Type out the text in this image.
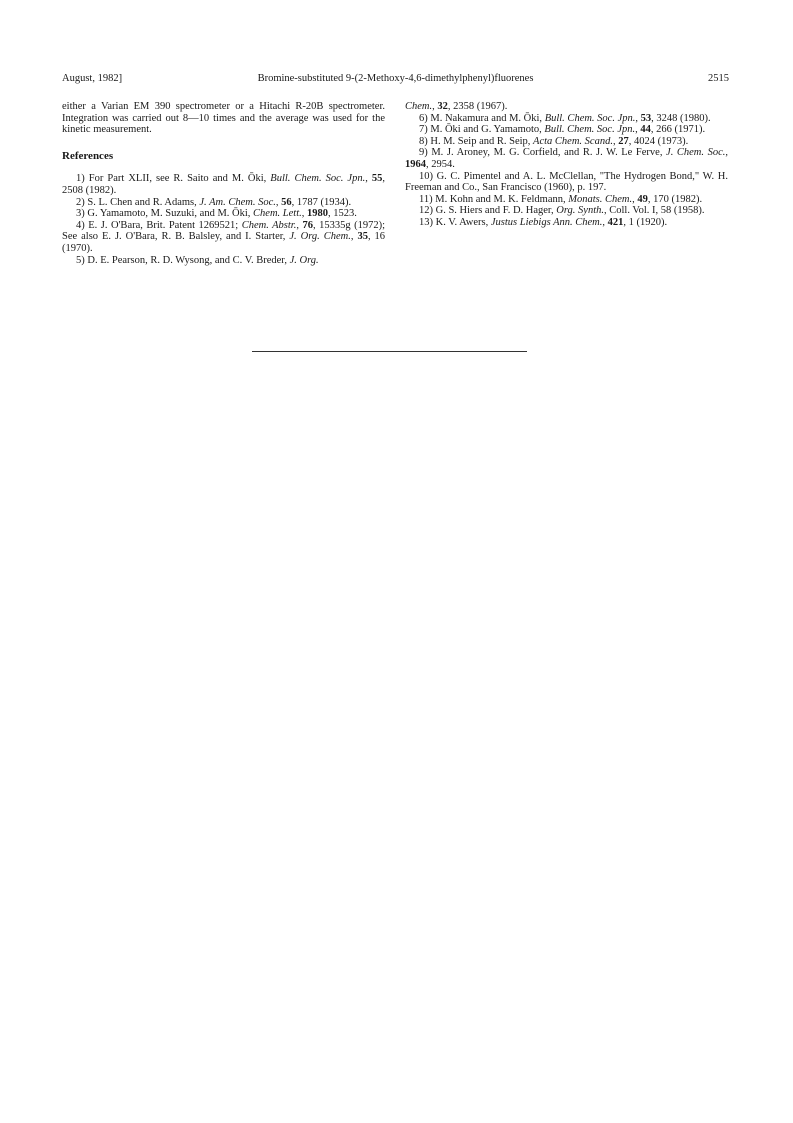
August, 1982]	Bromine-substituted 9-(2-Methoxy-4,6-dimethylphenyl)fluorenes	2515

either a Varian EM 390 spectrometer or a Hitachi R-20B spectrometer. Integration was carried out 8—10 times and the average was used for the kinetic measurement.

References

1) For Part XLII, see R. Saito and M. Ōki, Bull. Chem. Soc. Jpn., 55, 2508 (1982).

2) S. L. Chen and R. Adams, J. Am. Chem. Soc., 56, 1787 (1934).

3) G. Yamamoto, M. Suzuki, and M. Ōki, Chem. Lett., 1980, 1523.

4) E. J. O'Bara, Brit. Patent 1269521; Chem. Abstr., 76, 15335g (1972); See also E. J. O'Bara, R. B. Balsley, and I. Starter, J. Org. Chem., 35, 16 (1970).

5) D. E. Pearson, R. D. Wysong, and C. V. Breder, J. Org.

Chem., 32, 2358 (1967).

6) M. Nakamura and M. Ōki, Bull. Chem. Soc. Jpn., 53, 3248 (1980).

7) M. Ōki and G. Yamamoto, Bull. Chem. Soc. Jpn., 44, 266 (1971).

8) H. M. Seip and R. Seip, Acta Chem. Scand., 27, 4024 (1973).

9) M. J. Aroney, M. G. Corfield, and R. J. W. Le Ferve, J. Chem. Soc., 1964, 2954.

10) G. C. Pimentel and A. L. McClellan, "The Hydrogen Bond," W. H. Freeman and Co., San Francisco (1960), p. 197.

11) M. Kohn and M. K. Feldmann, Monats. Chem., 49, 170 (1982).

12) G. S. Hiers and F. D. Hager, Org. Synth., Coll. Vol. I, 58 (1958).

13) K. V. Awers, Justus Liebigs Ann. Chem., 421, 1 (1920).
